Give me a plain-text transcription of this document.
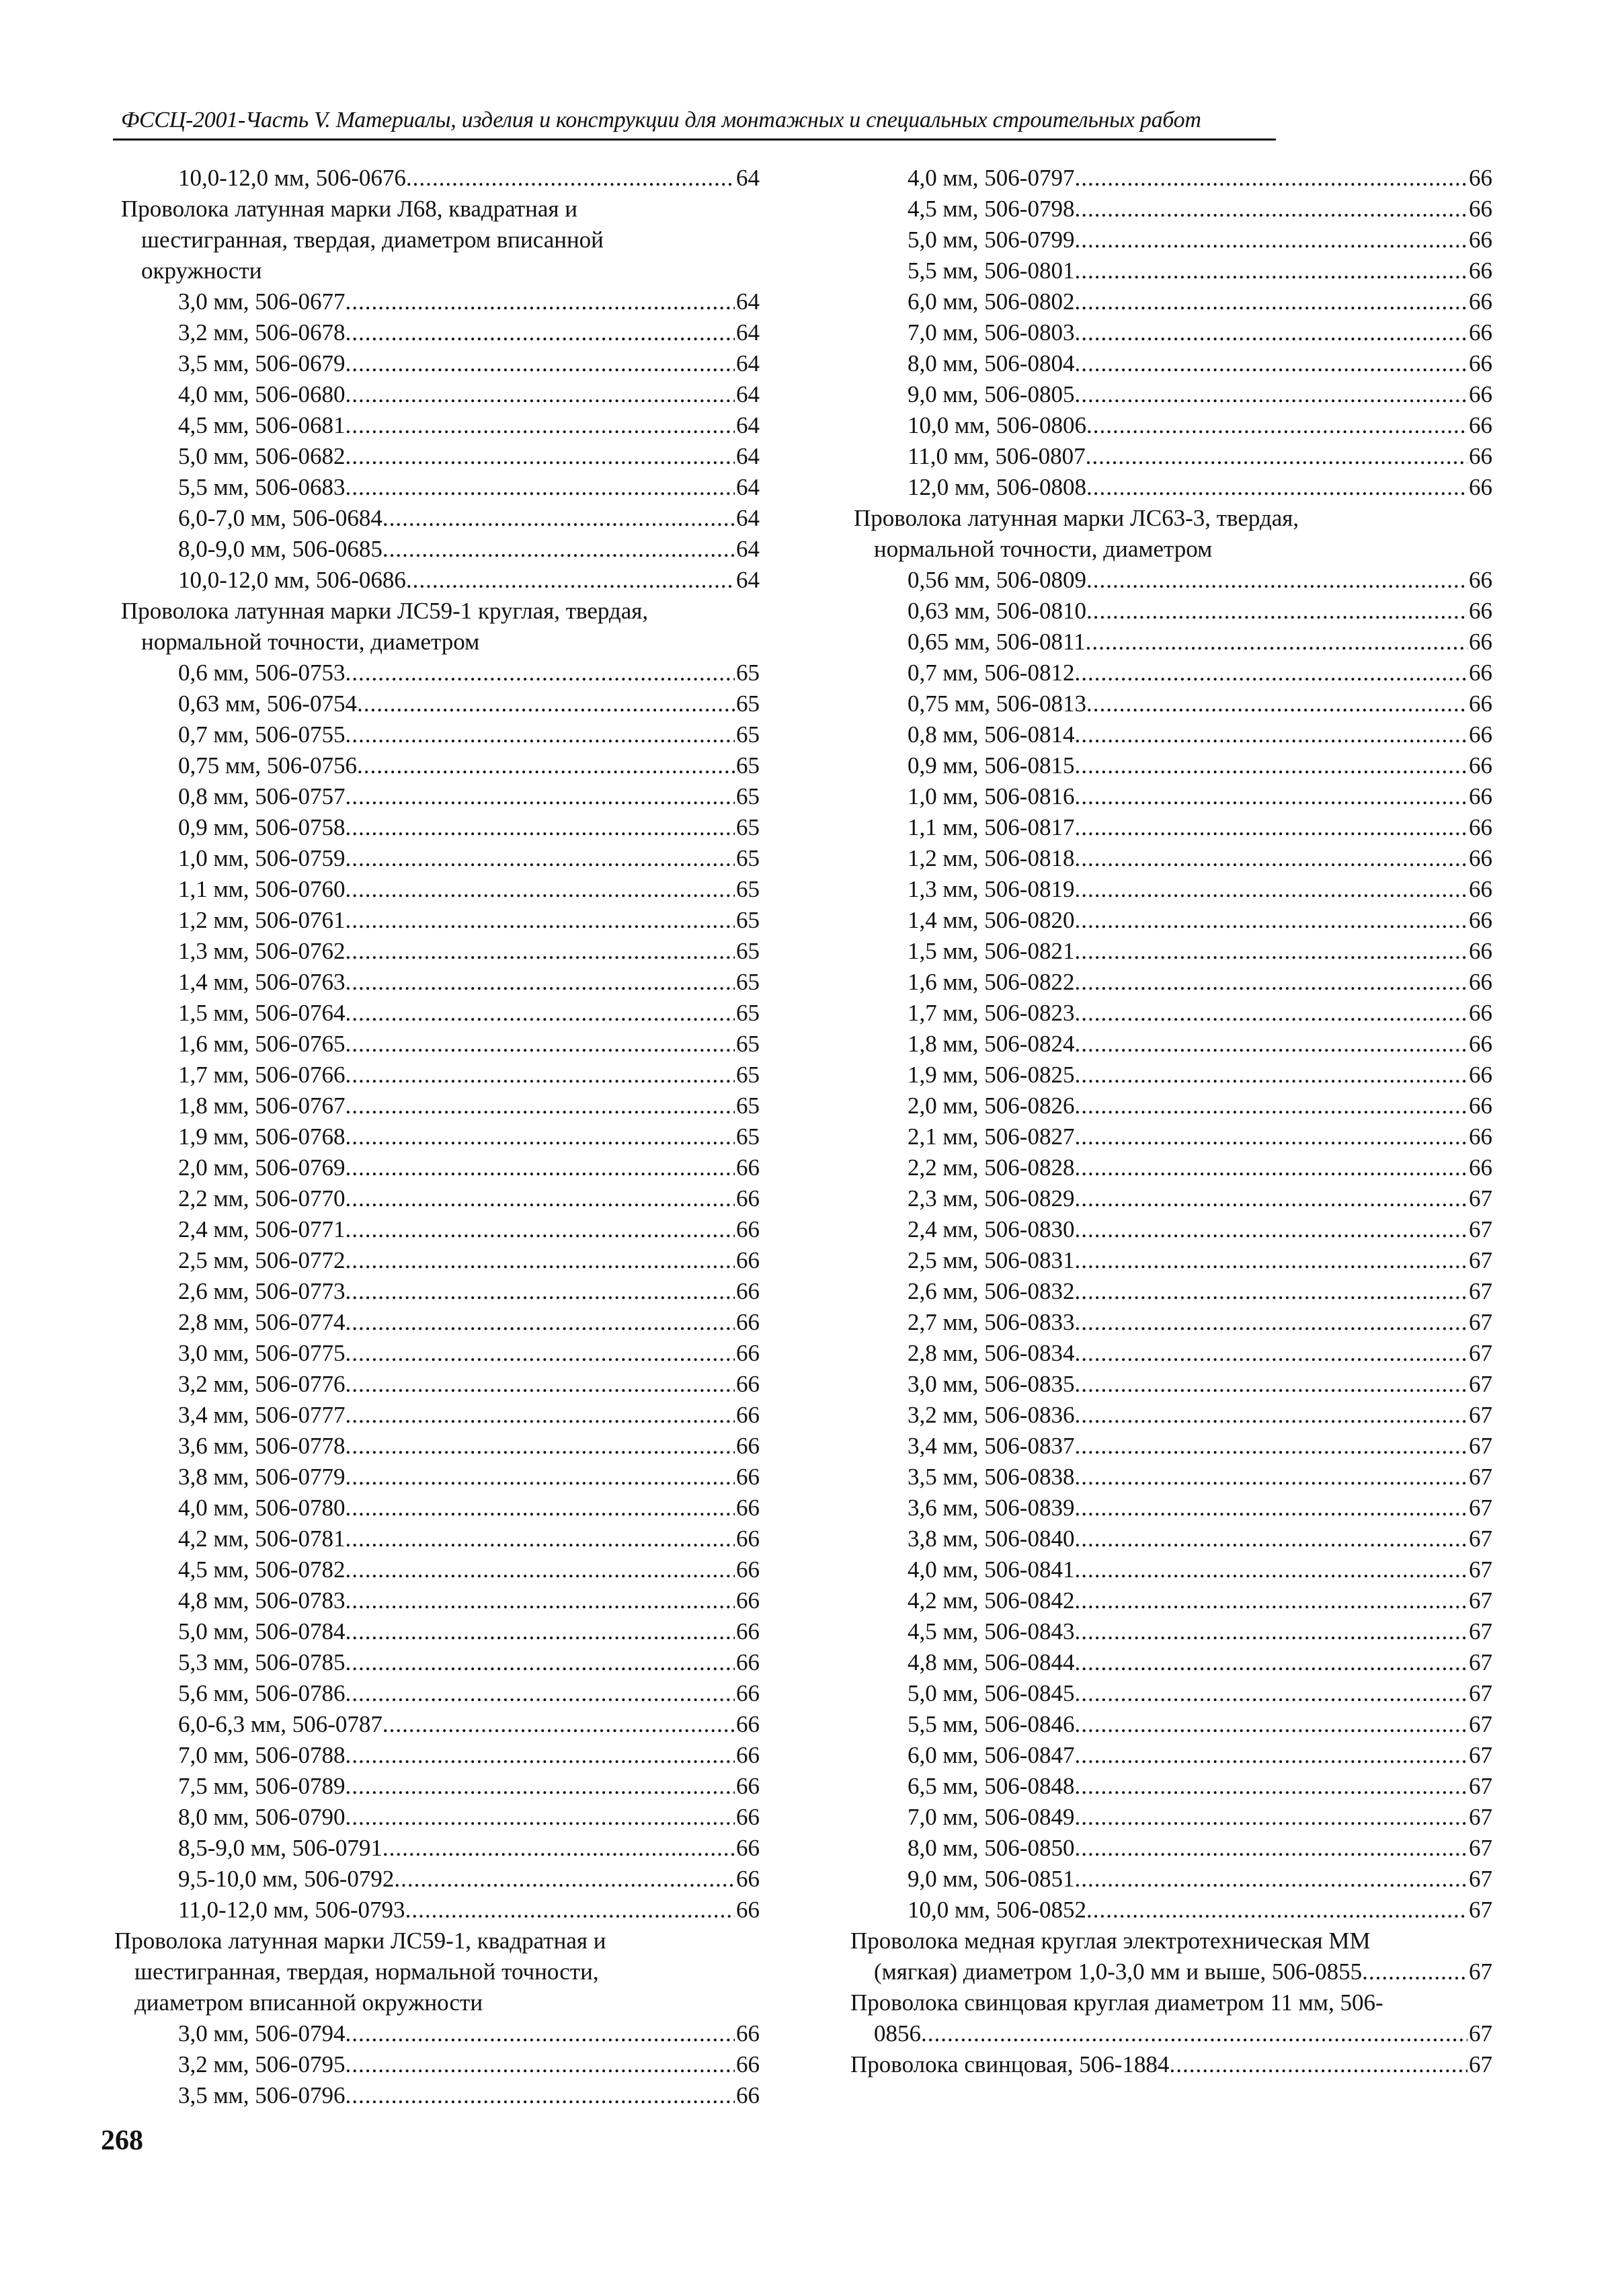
ФССЦ-2001-Часть V. Материалы, изделия и конструкции для монтажных и специальных строительных работ
10,0-12,0 мм, 506-0676 .....	64
Проволока латунная марки Л68, квадратная и
шестигранная, твердая, диаметром вписанной
окружности
3,0 мм, 506-0677 .....	64
3,2 мм, 506-0678 .....	64
3,5 мм, 506-0679 .....	64
4,0 мм, 506-0680 .....	64
4,5 мм, 506-0681 .....	64
5,0 мм, 506-0682 .....	64
5,5 мм, 506-0683 .....	64
6,0-7,0 мм, 506-0684 .....	64
8,0-9,0 мм, 506-0685 .....	64
10,0-12,0 мм, 506-0686 .....	64
Проволока латунная марки ЛС59-1 круглая, твердая,
нормальной точности, диаметром
0,6 мм, 506-0753 .....	65
0,63 мм, 506-0754 .....	65
0,7 мм, 506-0755 .....	65
0,75 мм, 506-0756 .....	65
0,8 мм, 506-0757 .....	65
0,9 мм, 506-0758 .....	65
1,0 мм, 506-0759 .....	65
1,1 мм, 506-0760 .....	65
1,2 мм, 506-0761 .....	65
1,3 мм, 506-0762 .....	65
1,4 мм, 506-0763 .....	65
1,5 мм, 506-0764 .....	65
1,6 мм, 506-0765 .....	65
1,7 мм, 506-0766 .....	65
1,8 мм, 506-0767 .....	65
1,9 мм, 506-0768 .....	65
2,0 мм, 506-0769 .....	66
2,2 мм, 506-0770 .....	66
2,4 мм, 506-0771 .....	66
2,5 мм, 506-0772 .....	66
2,6 мм, 506-0773 .....	66
2,8 мм, 506-0774 .....	66
3,0 мм, 506-0775 .....	66
3,2 мм, 506-0776 .....	66
3,4 мм, 506-0777 .....	66
3,6 мм, 506-0778 .....	66
3,8 мм, 506-0779 .....	66
4,0 мм, 506-0780 .....	66
4,2 мм, 506-0781 .....	66
4,5 мм, 506-0782 .....	66
4,8 мм, 506-0783 .....	66
5,0 мм, 506-0784 .....	66
5,3 мм, 506-0785 .....	66
5,6 мм, 506-0786 .....	66
6,0-6,3 мм, 506-0787 .....	66
7,0 мм, 506-0788 .....	66
7,5 мм, 506-0789 .....	66
8,0 мм, 506-0790 .....	66
8,5-9,0 мм, 506-0791 .....	66
9,5-10,0 мм, 506-0792 .....	66
11,0-12,0 мм, 506-0793 .....	66
Проволока латунная марки ЛС59-1, квадратная и
шестигранная, твердая, нормальной точности,
диаметром вписанной окружности
3,0 мм, 506-0794 .....	66
3,2 мм, 506-0795 .....	66
3,5 мм, 506-0796 .....	66
4,0 мм, 506-0797 .....	66
4,5 мм, 506-0798 .....	66
5,0 мм, 506-0799 .....	66
5,5 мм, 506-0801 .....	66
6,0 мм, 506-0802 .....	66
7,0 мм, 506-0803 .....	66
8,0 мм, 506-0804 .....	66
9,0 мм, 506-0805 .....	66
10,0 мм, 506-0806 .....	66
11,0 мм, 506-0807 .....	66
12,0 мм, 506-0808 .....	66
Проволока латунная марки ЛС63-3, твердая,
нормальной точности, диаметром
0,56 мм, 506-0809 .....	66
0,63 мм, 506-0810 .....	66
0,65 мм, 506-0811 .....	66
0,7 мм, 506-0812 .....	66
0,75 мм, 506-0813 .....	66
0,8 мм, 506-0814 .....	66
0,9 мм, 506-0815 .....	66
1,0 мм, 506-0816 .....	66
1,1 мм, 506-0817 .....	66
1,2 мм, 506-0818 .....	66
1,3 мм, 506-0819 .....	66
1,4 мм, 506-0820 .....	66
1,5 мм, 506-0821 .....	66
1,6 мм, 506-0822 .....	66
1,7 мм, 506-0823 .....	66
1,8 мм, 506-0824 .....	66
1,9 мм, 506-0825 .....	66
2,0 мм, 506-0826 .....	66
2,1 мм, 506-0827 .....	66
2,2 мм, 506-0828 .....	66
2,3 мм, 506-0829 .....	67
2,4 мм, 506-0830 .....	67
2,5 мм, 506-0831 .....	67
2,6 мм, 506-0832 .....	67
2,7 мм, 506-0833 .....	67
2,8 мм, 506-0834 .....	67
3,0 мм, 506-0835 .....	67
3,2 мм, 506-0836 .....	67
3,4 мм, 506-0837 .....	67
3,5 мм, 506-0838 .....	67
3,6 мм, 506-0839 .....	67
3,8 мм, 506-0840 .....	67
4,0 мм, 506-0841 .....	67
4,2 мм, 506-0842 .....	67
4,5 мм, 506-0843 .....	67
4,8 мм, 506-0844 .....	67
5,0 мм, 506-0845 .....	67
5,5 мм, 506-0846 .....	67
6,0 мм, 506-0847 .....	67
6,5 мм, 506-0848 .....	67
7,0 мм, 506-0849 .....	67
8,0 мм, 506-0850 .....	67
9,0 мм, 506-0851 .....	67
10,0 мм, 506-0852 .....	67
Проволока медная круглая электротехническая ММ
(мягкая) диаметром 1,0-3,0 мм и выше, 506-0855 .....	67
Проволока свинцовая круглая диаметром 11 мм, 506-
0856 .....	67
Проволока свинцовая, 506-1884 .....	67
268
